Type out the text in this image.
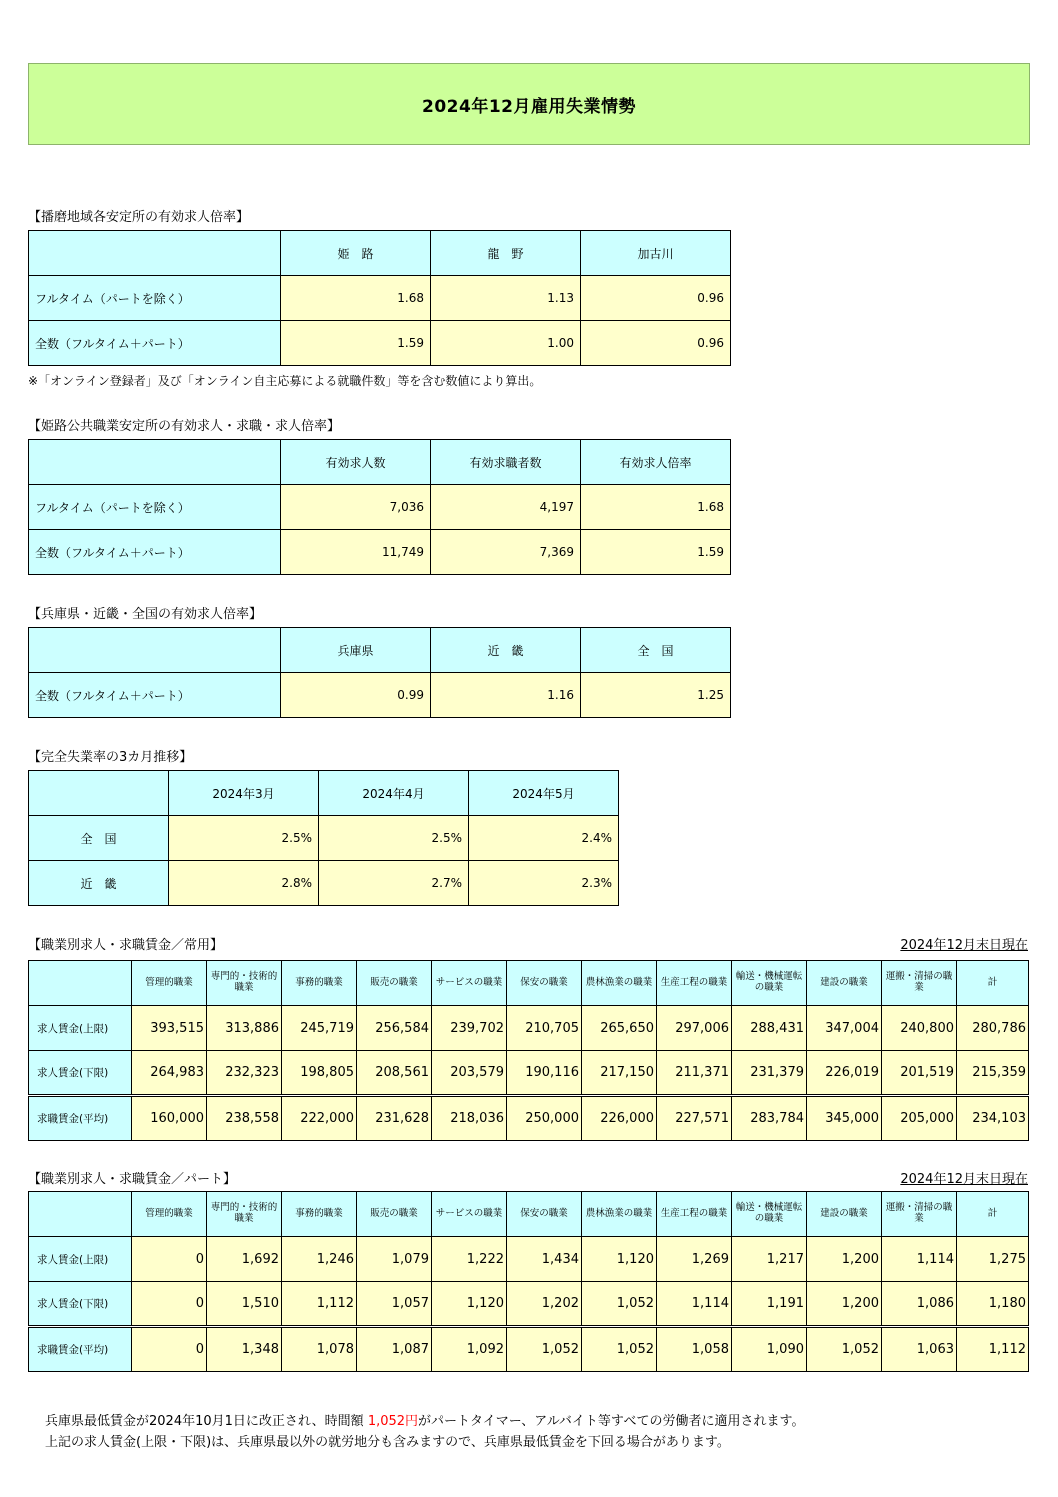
2024年12月雇用失業情勢
【播磨地域各安定所の有効求人倍率】
	姫　路	龍　野	加古川
フルタイム（パートを除く）	1.68	1.13	0.96
全数（フルタイム＋パート）	1.59	1.00	0.96
※「オンライン登録者」及び「オンライン自主応募による就職件数」等を含む数値により算出。
【姫路公共職業安定所の有効求人・求職・求人倍率】
	有効求人数	有効求職者数	有効求人倍率
フルタイム（パートを除く）	7,036	4,197	1.68
全数（フルタイム＋パート）	11,749	7,369	1.59
【兵庫県・近畿・全国の有効求人倍率】
	兵庫県	近　畿	全　国
全数（フルタイム＋パート）	0.99	1.16	1.25
【完全失業率の3カ月推移】
	2024年3月	2024年4月	2024年5月
全　国	2.5%	2.5%	2.4%
近　畿	2.8%	2.7%	2.3%
【職業別求人・求職賃金／常用】	2024年12月末日現在
	管理的職業	専門的・技術的職業	事務的職業	販売の職業	サービスの職業	保安の職業	農林漁業の職業	生産工程の職業	輸送・機械運転の職業	建設の職業	運搬・清掃の職業	計
求人賃金(上限)	393,515	313,886	245,719	256,584	239,702	210,705	265,650	297,006	288,431	347,004	240,800	280,786
求人賃金(下限)	264,983	232,323	198,805	208,561	203,579	190,116	217,150	211,371	231,379	226,019	201,519	215,359
求職賃金(平均)	160,000	238,558	222,000	231,628	218,036	250,000	226,000	227,571	283,784	345,000	205,000	234,103
【職業別求人・求職賃金／パート】	2024年12月末日現在
	管理的職業	専門的・技術的職業	事務的職業	販売の職業	サービスの職業	保安の職業	農林漁業の職業	生産工程の職業	輸送・機械運転の職業	建設の職業	運搬・清掃の職業	計
求人賃金(上限)	0	1,692	1,246	1,079	1,222	1,434	1,120	1,269	1,217	1,200	1,114	1,275
求人賃金(下限)	0	1,510	1,112	1,057	1,120	1,202	1,052	1,114	1,191	1,200	1,086	1,180
求職賃金(平均)	0	1,348	1,078	1,087	1,092	1,052	1,052	1,058	1,090	1,052	1,063	1,112
兵庫県最低賃金が2024年10月1日に改正され、時間額 1,052円がパートタイマー、アルバイト等すべての労働者に適用されます。
上記の求人賃金(上限・下限)は、兵庫県最以外の就労地分も含みますので、兵庫県最低賃金を下回る場合があります。
